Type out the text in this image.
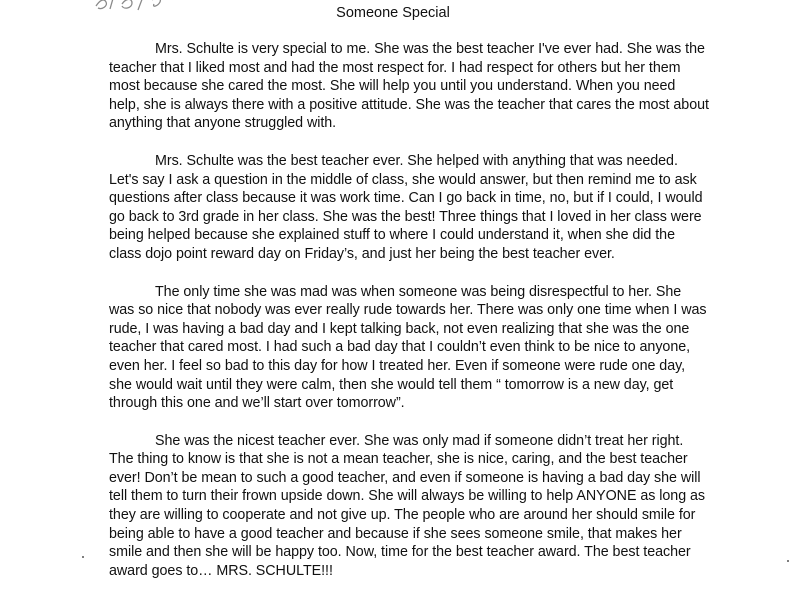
Someone Special

Mrs. Schulte is very special to me. She was the best teacher I've ever had. She was the teacher that I liked most and had the most respect for. I had respect for others but her them most because she cared the most. She will help you until you understand. When you need help, she is always there with a positive attitude. She was the teacher that cares the most about anything that anyone struggled with.

Mrs. Schulte was the best teacher ever. She helped with anything that was needed. Let's say I ask a question in the middle of class, she would answer, but then remind me to ask questions after class because it was work time. Can I go back in time, no, but if I could, I would go back to 3rd grade in her class. She was the best! Three things that I loved in her class were being helped because she explained stuff to where I could understand it, when she did the class dojo point reward day on Friday’s, and just her being the best teacher ever.

The only time she was mad was when someone was being disrespectful to her. She was so nice that nobody was ever really rude towards her. There was only one time when I was rude, I was having a bad day and I kept talking back, not even realizing that she was the one teacher that cared most. I had such a bad day that I couldn’t even think to be nice to anyone, even her. I feel so bad to this day for how I treated her. Even if someone were rude one day, she would wait until they were calm, then she would tell them “ tomorrow is a new day, get through this one and we’ll start over tomorrow”.

She was the nicest teacher ever. She was only mad if someone didn’t treat her right. The thing to know is that she is not a mean teacher, she is nice, caring, and the best teacher ever! Don’t be mean to such a good teacher, and even if someone is having a bad day she will tell them to turn their frown upside down. She will always be willing to help ANYONE as long as they are willing to cooperate and not give up. The people who are around her should smile for being able to have a good teacher and because if she sees someone smile, that makes her smile and then she will be happy too. Now, time for the best teacher award. The best teacher award goes to… MRS. SCHULTE!!!
